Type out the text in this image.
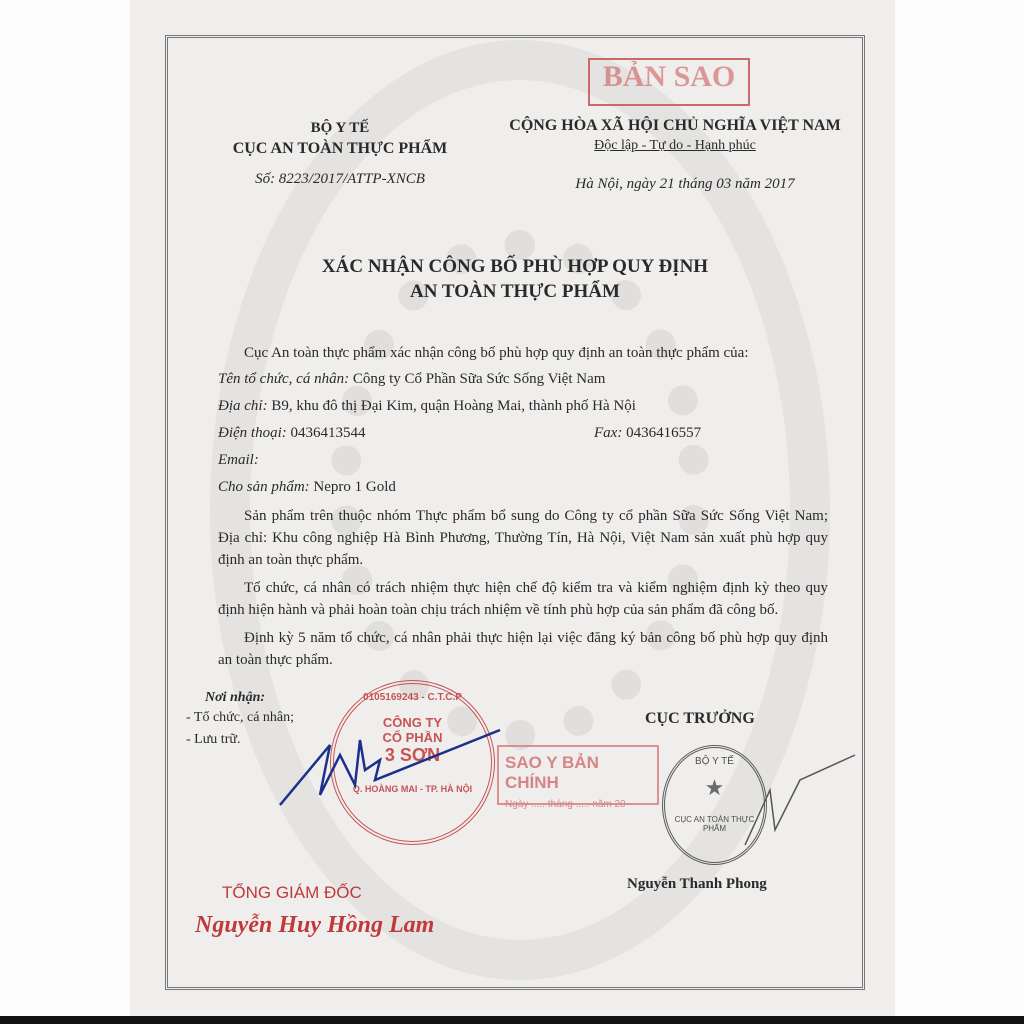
BẢN SAO
BỘ Y TẾ
CỤC AN TOÀN THỰC PHẨM
Số: 8223/2017/ATTP-XNCB
CỘNG HÒA XÃ HỘI CHỦ NGHĨA VIỆT NAM
Độc lập - Tự do - Hạnh phúc
Hà Nội, ngày 21 tháng 03 năm 2017
XÁC NHẬN CÔNG BỐ PHÙ HỢP QUY ĐỊNH
AN TOÀN THỰC PHẨM

Cục An toàn thực phẩm xác nhận công bố phù hợp quy định an toàn thực phẩm của:

Tên tổ chức, cá nhân: Công ty Cổ Phần Sữa Sức Sống Việt Nam
Địa chỉ: B9, khu đô thị Đại Kim, quận Hoàng Mai, thành phố Hà Nội
Điện thoại: 0436413544	Fax: 0436416557
Email:
Cho sản phẩm: Nepro 1 Gold

Sản phẩm trên thuộc nhóm Thực phẩm bổ sung do Công ty cổ phần Sữa Sức Sống Việt Nam; Địa chỉ: Khu công nghiệp Hà Bình Phương, Thường Tín, Hà Nội, Việt Nam sản xuất phù hợp quy định an toàn thực phẩm.

Tổ chức, cá nhân có trách nhiệm thực hiện chế độ kiểm tra và kiểm nghiệm định kỳ theo quy định hiện hành và phải hoàn toàn chịu trách nhiệm về tính phù hợp của sản phẩm đã công bố.

Định kỳ 5 năm tổ chức, cá nhân phải thực hiện lại việc đăng ký bản công bố phù hợp quy định an toàn thực phẩm.

0105169243 - C.T.C.P
CÔNG TY
CỔ PHẦN
3 SƠN
Q. HOÀNG MAI - TP. HÀ NỘI
Nơi nhận:
- Tổ chức, cá nhân;
- Lưu trữ.
SAO Y BẢN CHÍNH
Ngày ..... tháng ..... năm 20
CỤC TRƯỞNG
BỘ Y TẾ
★
CỤC AN TOÀN THỰC PHẨM
Nguyễn Thanh Phong
TỔNG GIÁM ĐỐC
Nguyễn Huy Hồng Lam
